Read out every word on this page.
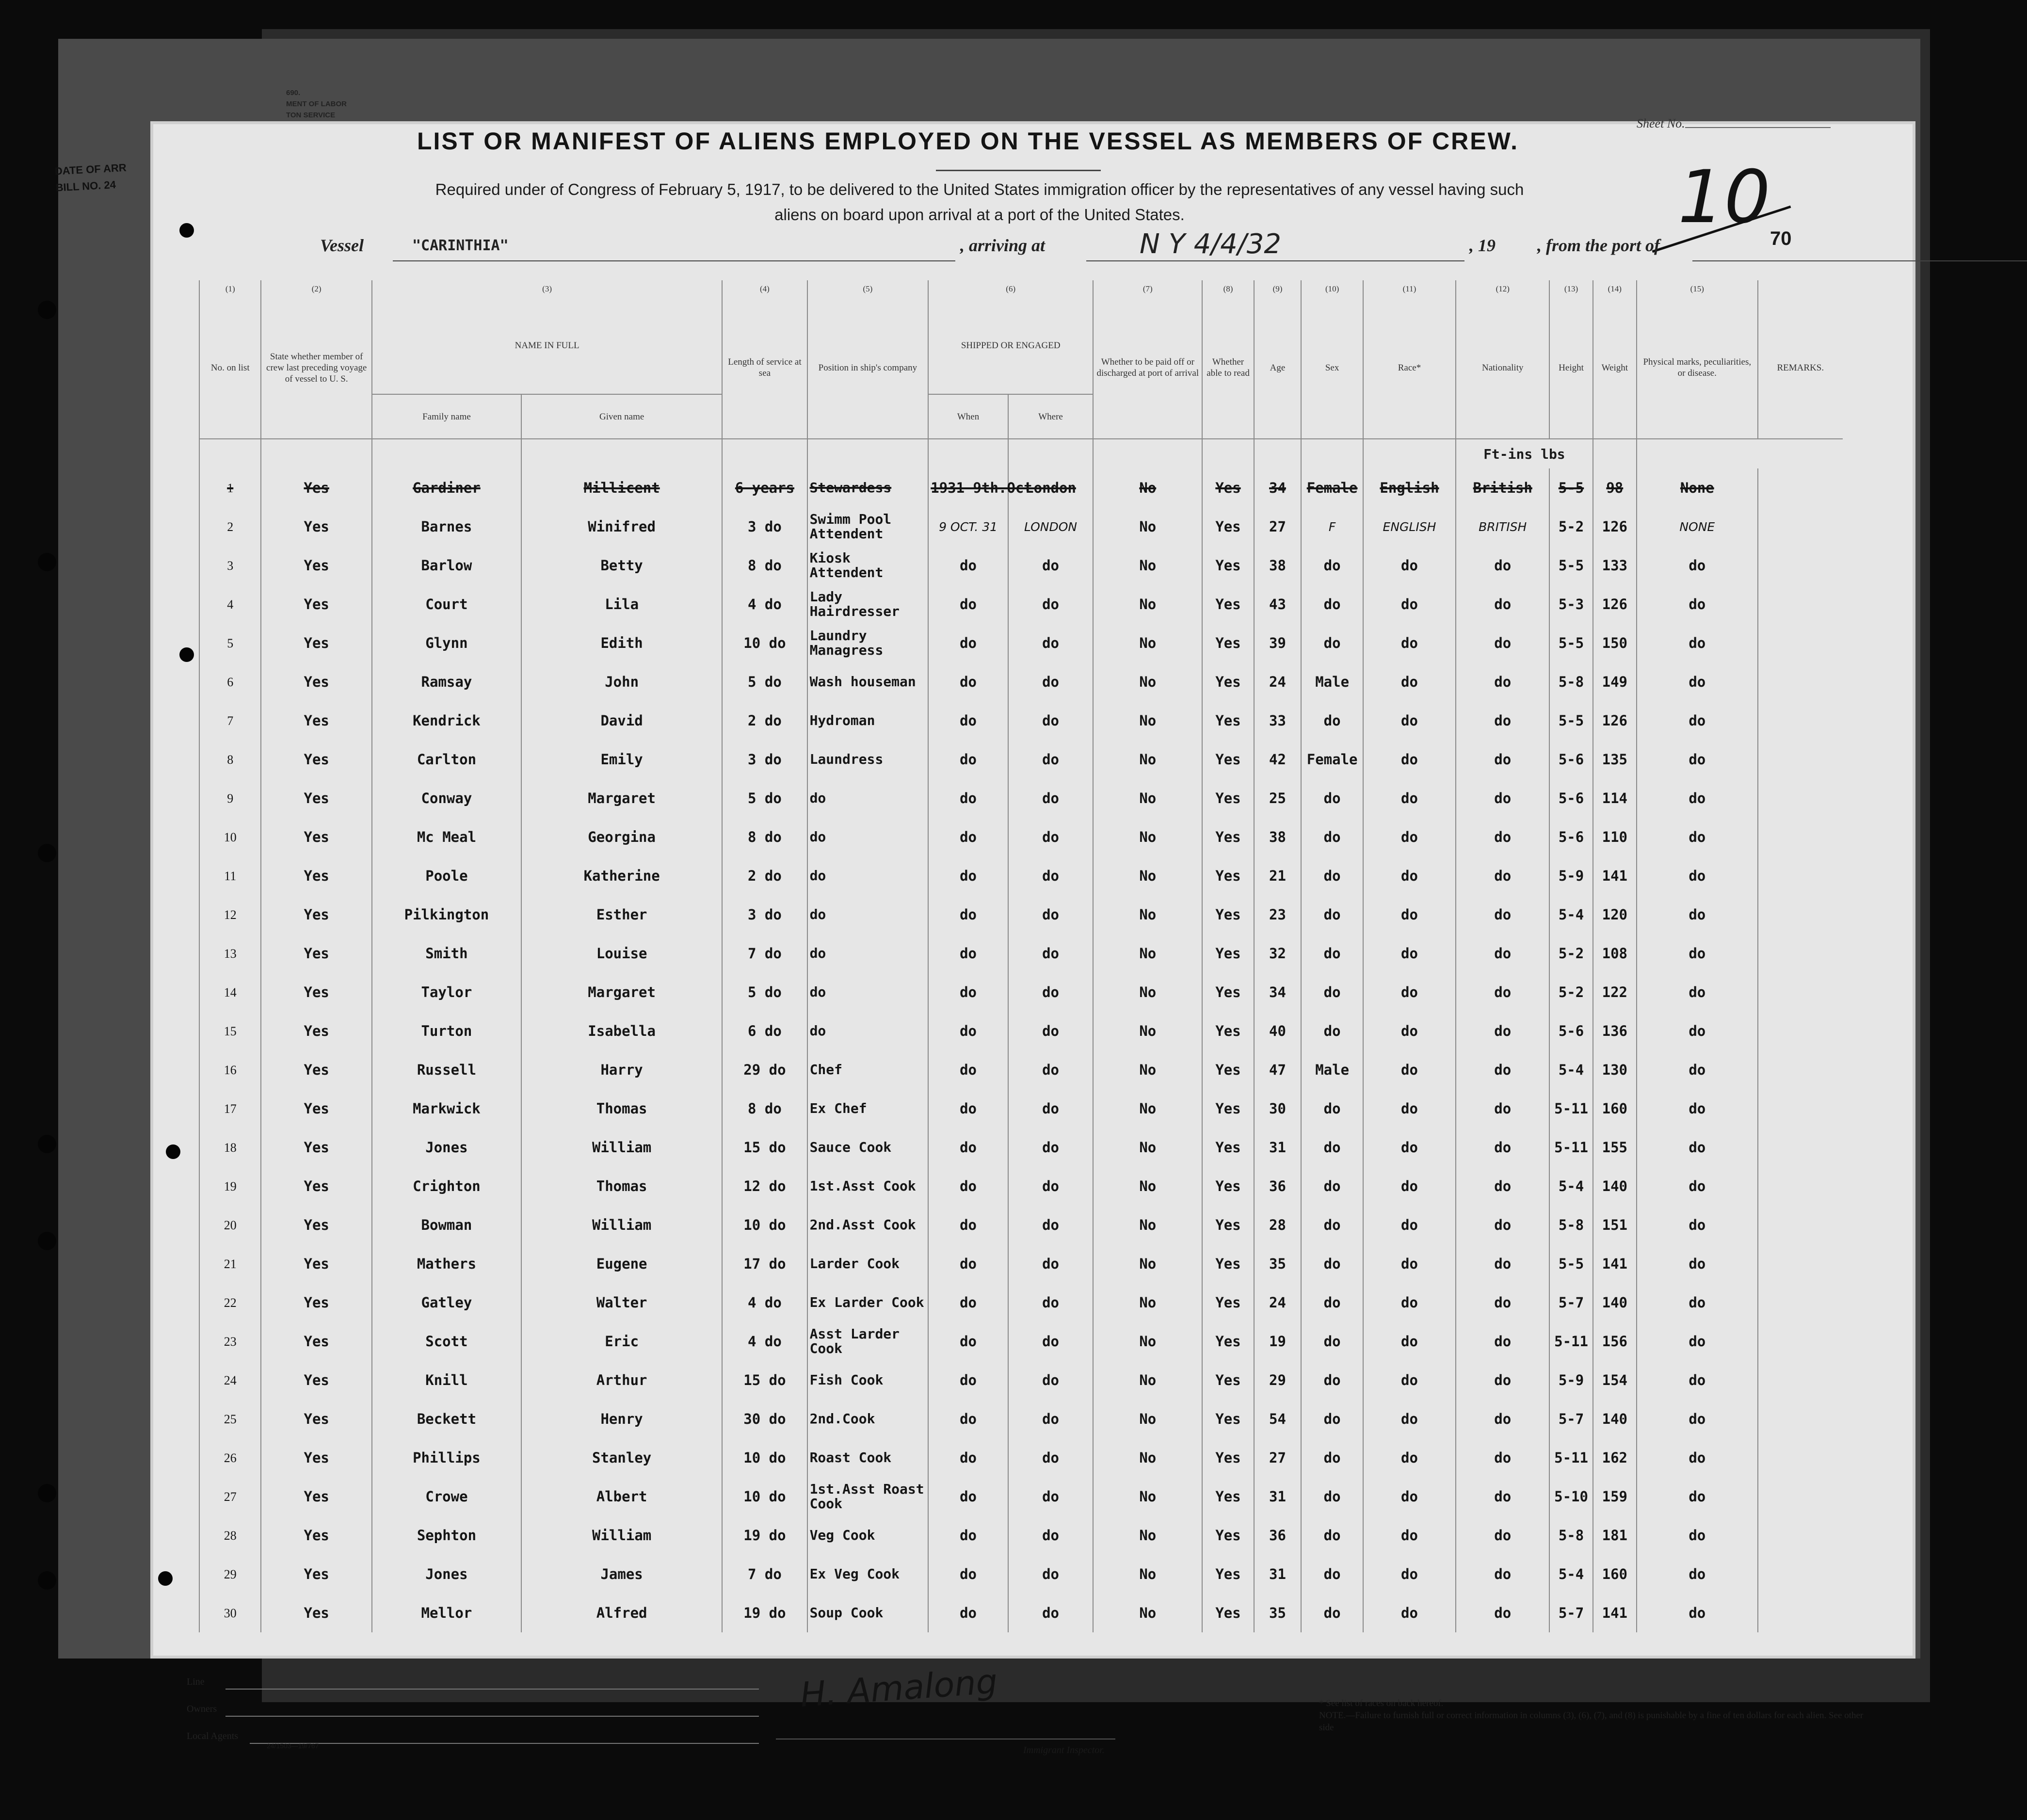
DATE OF ARR
BILL NO. 24
690.
MENT OF LABOR
TON SERVICE
LIST OR MANIFEST OF ALIENS EMPLOYED ON THE VESSEL AS MEMBERS OF CREW.
Required under of Congress of February 5, 1917, to be delivered to the United States immigration officer by the representatives of any vessel having such
aliens on board upon arrival at a port of the United States.
Sheet No.
10 70
Vessel	"CARINTHIA"	, arriving at	N Y 4/4/32	, 19 , from the port of
(1)	(2)	(3)		(4)	(5)	(6)		(7)	(8)	(9)	(10)	(11)	(12)	(13)	(14)	(15)	
No. on list	State whether member of crew last preceding voyage of vessel to U. S.	NAME IN FULL		Length of service at sea	Position in ship's company	SHIPPED OR ENGAGED		Whether to be paid off or discharged at port of arrival	Whether able to read	Age	Sex	Race*	Nationality	Height	Weight	Physical marks, peculiarities, or disease.	REMARKS.
		Family name	Given name			When	Where										
													Ft-ins lbs				
1	Yes	Gardiner	Millicent	6 years	Stewardess	1931 9th.Oct	London	No	Yes	34	Female	English	British	5-5	98	None	
2	Yes	Barnes	Winifred	3 do	Swimm Pool Attendent	9 OCT. 31	LONDON	No	Yes	27	F	ENGLISH	BRITISH	5-2	126	NONE	
3	Yes	Barlow	Betty	8 do	Kiosk Attendent	do	do	No	Yes	38	do	do	do	5-5	133	do	
4	Yes	Court	Lila	4 do	Lady Hairdresser	do	do	No	Yes	43	do	do	do	5-3	126	do	
5	Yes	Glynn	Edith	10 do	Laundry Managress	do	do	No	Yes	39	do	do	do	5-5	150	do	
6	Yes	Ramsay	John	5 do	Wash houseman	do	do	No	Yes	24	Male	do	do	5-8	149	do	
7	Yes	Kendrick	David	2 do	Hydroman	do	do	No	Yes	33	do	do	do	5-5	126	do	
8	Yes	Carlton	Emily	3 do	Laundress	do	do	No	Yes	42	Female	do	do	5-6	135	do	
9	Yes	Conway	Margaret	5 do	do	do	do	No	Yes	25	do	do	do	5-6	114	do	
10	Yes	Mc Meal	Georgina	8 do	do	do	do	No	Yes	38	do	do	do	5-6	110	do	
11	Yes	Poole	Katherine	2 do	do	do	do	No	Yes	21	do	do	do	5-9	141	do	
12	Yes	Pilkington	Esther	3 do	do	do	do	No	Yes	23	do	do	do	5-4	120	do	
13	Yes	Smith	Louise	7 do	do	do	do	No	Yes	32	do	do	do	5-2	108	do	
14	Yes	Taylor	Margaret	5 do	do	do	do	No	Yes	34	do	do	do	5-2	122	do	
15	Yes	Turton	Isabella	6 do	do	do	do	No	Yes	40	do	do	do	5-6	136	do	
16	Yes	Russell	Harry	29 do	Chef	do	do	No	Yes	47	Male	do	do	5-4	130	do	
17	Yes	Markwick	Thomas	8 do	Ex Chef	do	do	No	Yes	30	do	do	do	5-11	160	do	
18	Yes	Jones	William	15 do	Sauce Cook	do	do	No	Yes	31	do	do	do	5-11	155	do	
19	Yes	Crighton	Thomas	12 do	1st.Asst Cook	do	do	No	Yes	36	do	do	do	5-4	140	do	
20	Yes	Bowman	William	10 do	2nd.Asst Cook	do	do	No	Yes	28	do	do	do	5-8	151	do	
21	Yes	Mathers	Eugene	17 do	Larder Cook	do	do	No	Yes	35	do	do	do	5-5	141	do	
22	Yes	Gatley	Walter	4 do	Ex Larder Cook	do	do	No	Yes	24	do	do	do	5-7	140	do	
23	Yes	Scott	Eric	4 do	Asst Larder Cook	do	do	No	Yes	19	do	do	do	5-11	156	do	
24	Yes	Knill	Arthur	15 do	Fish Cook	do	do	No	Yes	29	do	do	do	5-9	154	do	
25	Yes	Beckett	Henry	30 do	2nd.Cook	do	do	No	Yes	54	do	do	do	5-7	140	do	
26	Yes	Phillips	Stanley	10 do	Roast Cook	do	do	No	Yes	27	do	do	do	5-11	162	do	
27	Yes	Crowe	Albert	10 do	1st.Asst Roast Cook	do	do	No	Yes	31	do	do	do	5-10	159	do	
28	Yes	Sephton	William	19 do	Veg Cook	do	do	No	Yes	36	do	do	do	5-8	181	do	
29	Yes	Jones	James	7 do	Ex Veg Cook	do	do	No	Yes	31	do	do	do	5-4	160	do	
30	Yes	Mellor	Alfred	19 do	Soup Cook	do	do	No	Yes	35	do	do	do	5-7	141	do	
Line
Owners
Local Agents
24/1503—19/767
H. Amalong
Immigrant Inspector.
* See list of races on back hereof.
NOTE.—Failure to furnish full or correct information in columns (3), (6), (7), and (8) is punishable by a fine of ten dollars for each alien. See other side
